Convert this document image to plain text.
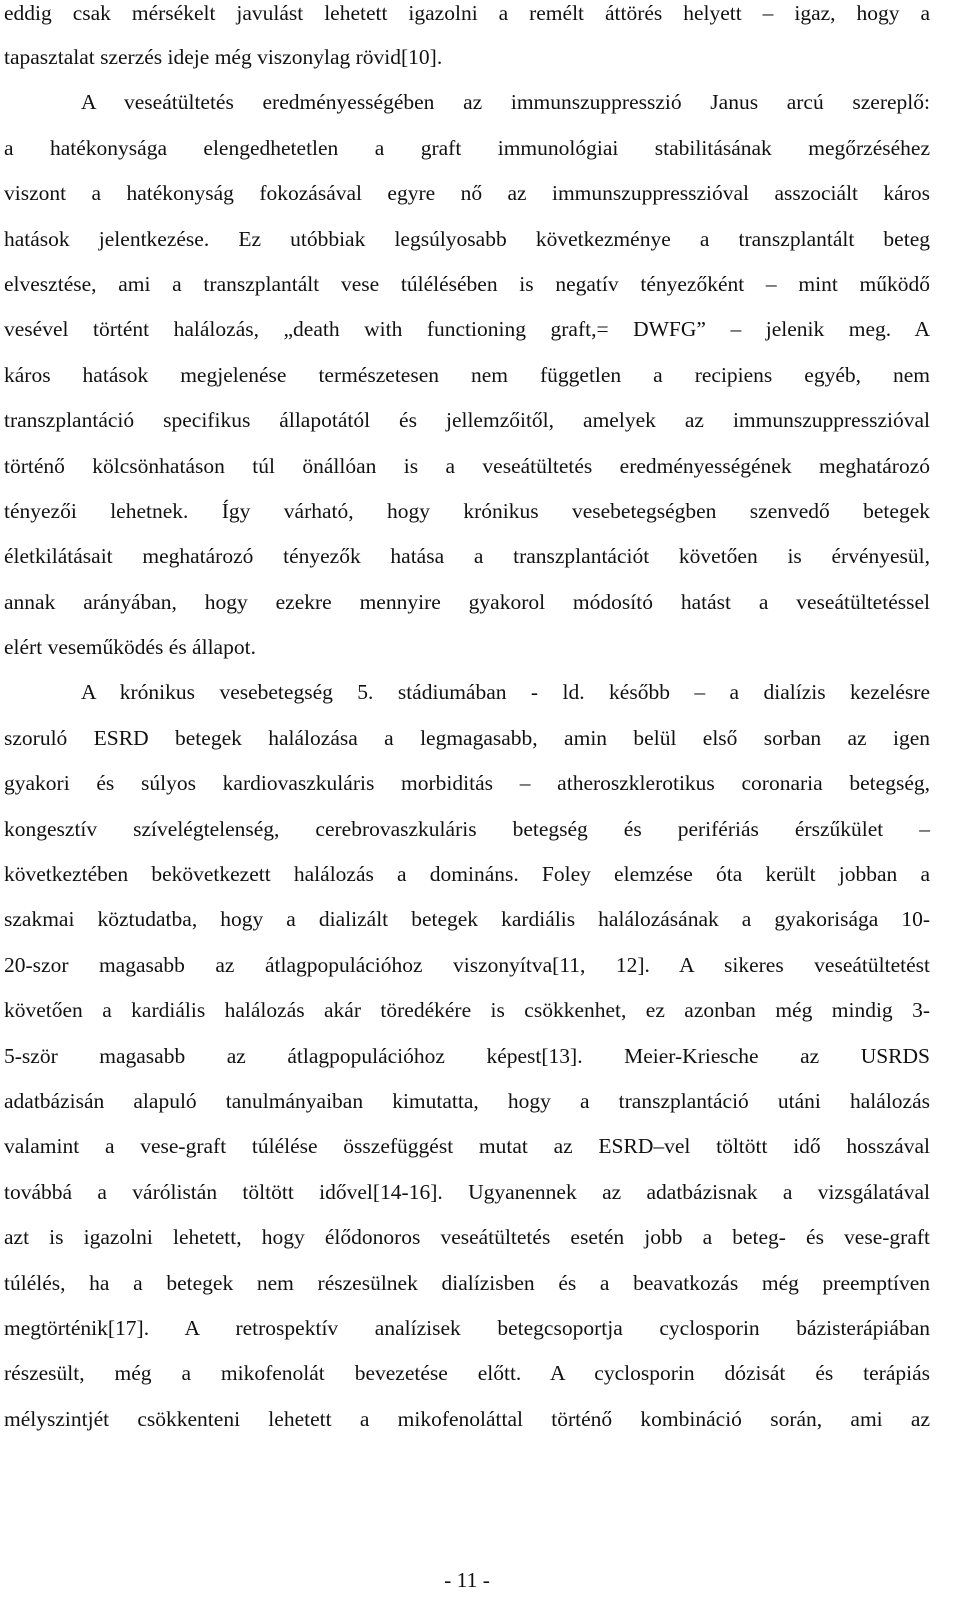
eddig csak mérsékelt javulást lehetett igazolni a remélt áttörés helyett – igaz, hogy a
tapasztalat szerzés ideje még viszonylag rövid[10].
A veseátültetés eredményességében az immunszuppresszió Janus arcú szereplő:
a hatékonysága elengedhetetlen a graft immunológiai stabilitásának megőrzéséhez
viszont a hatékonyság fokozásával egyre nő az immunszuppresszióval asszociált káros
hatások jelentkezése. Ez utóbbiak legsúlyosabb következménye a transzplantált beteg
elvesztése, ami a transzplantált vese túlélésében is negatív tényezőként – mint működő
vesével történt halálozás, „death with functioning graft,= DWFG” – jelenik meg. A
káros hatások megjelenése természetesen nem független a recipiens egyéb, nem
transzplantáció specifikus állapotától és jellemzőitől, amelyek az immunszuppresszióval
történő kölcsönhatáson túl önállóan is a veseátültetés eredményességének meghatározó
tényezői lehetnek. Így várható, hogy krónikus vesebetegségben szenvedő betegek
életkilátásait meghatározó tényezők hatása a transzplantációt követően is érvényesül,
annak arányában, hogy ezekre mennyire gyakorol módosító hatást a veseátültetéssel
elért veseműködés és állapot.
A krónikus vesebetegség 5. stádiumában - ld. később – a dialízis kezelésre
szoruló ESRD betegek halálozása a legmagasabb, amin belül első sorban az igen
gyakori és súlyos kardiovaszkuláris morbiditás – atheroszklerotikus coronaria betegség,
kongesztív szívelégtelenség, cerebrovaszkuláris betegség és perifériás érszűkület –
következtében bekövetkezett halálozás a domináns. Foley elemzése óta került jobban a
szakmai köztudatba, hogy a dializált betegek kardiális halálozásának a gyakorisága 10-
20-szor magasabb az átlagpopulációhoz viszonyítva[11, 12]. A sikeres veseátültetést
követően a kardiális halálozás akár töredékére is csökkenhet, ez azonban még mindig 3-
5-ször magasabb az átlagpopulációhoz képest[13]. Meier-Kriesche az USRDS
adatbázisán alapuló tanulmányaiban kimutatta, hogy a transzplantáció utáni halálozás
valamint a vese-graft túlélése összefüggést mutat az ESRD–vel töltött idő hosszával
továbbá a várólistán töltött idővel[14-16]. Ugyanennek az adatbázisnak a vizsgálatával
azt is igazolni lehetett, hogy élődonoros veseátültetés esetén jobb a beteg- és vese-graft
túlélés, ha a betegek nem részesülnek dialízisben és a beavatkozás még preemptíven
megtörténik[17]. A retrospektív analízisek betegcsoportja cyclosporin bázisterápiában
részesült, még a mikofenolát bevezetése előtt. A cyclosporin dózisát és terápiás
mélyszintjét csökkenteni lehetett a mikofenoláttal történő kombináció során, ami az
- 11 -
